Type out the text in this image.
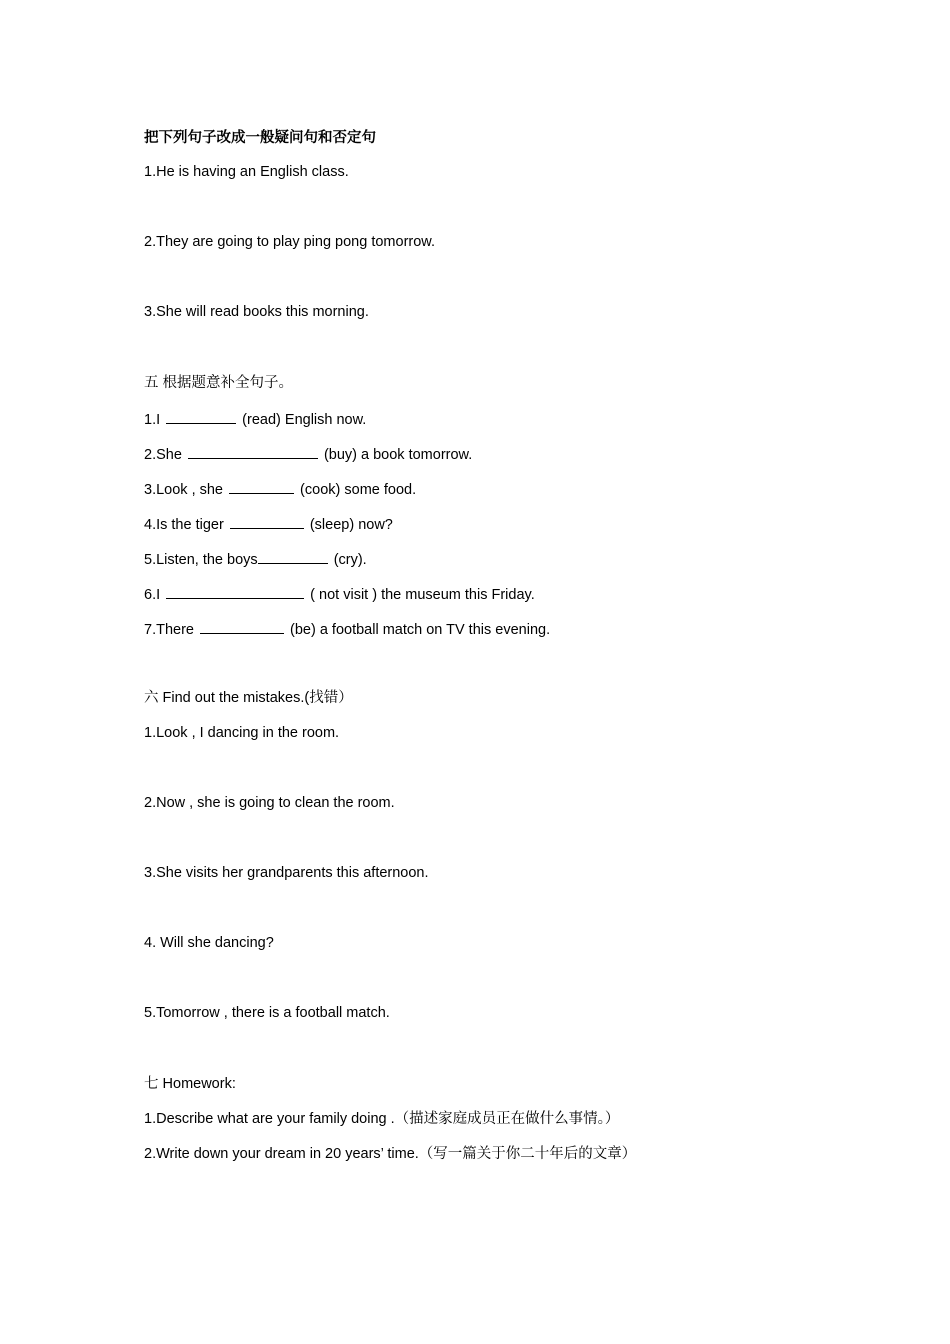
把下列句子改成一般疑问句和否定句
1.He is having an English class.
2.They are going to play ping pong tomorrow.
3.She will read books this morning.
五 根据题意补全句子。
1.I	(read) English now.
2.She	(buy) a book tomorrow.
3.Look , she	(cook) some food.
4.Is the tiger	(sleep) now?
5.Listen, the boys	(cry).
6.I	( not visit ) the museum this Friday.
7.There	(be) a football match on TV this evening.
六 Find out the mistakes.(找错）
1.Look , I dancing in the room.
2.Now , she is going to clean the room.
3.She visits her grandparents this afternoon.
4. Will she dancing?
5.Tomorrow , there is a football match.
七 Homework:
1.Describe what are your family doing .（描述家庭成员正在做什么事情。）
2.Write down your dream in 20 years’ time.（写一篇关于你二十年后的文章）
